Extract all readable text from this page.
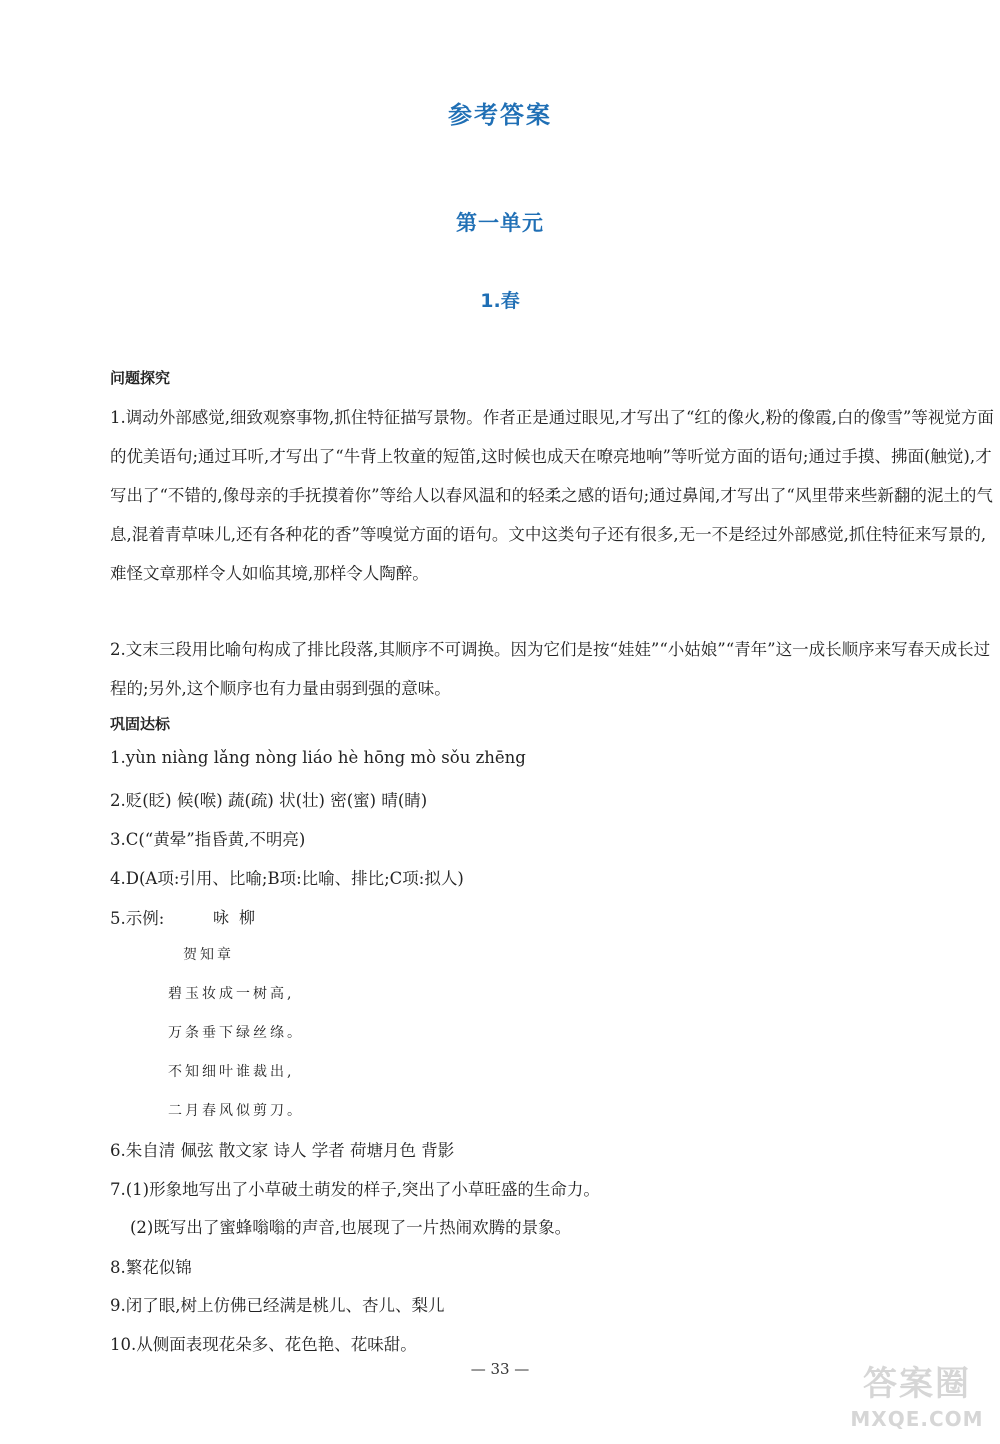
参考答案
第一单元
1.春
问题探究
1.调动外部感觉,细致观察事物,抓住特征描写景物。作者正是通过眼见,才写出了“红的像火,粉的像霞,白的像雪”等视觉方面的优美语句;通过耳听,才写出了“牛背上牧童的短笛,这时候也成天在嘹亮地响”等听觉方面的语句;通过手摸、拂面(触觉),才写出了“不错的,像母亲的手抚摸着你”等给人以春风温和的轻柔之感的语句;通过鼻闻,才写出了“风里带来些新翻的泥土的气息,混着青草味儿,还有各种花的香”等嗅觉方面的语句。文中这类句子还有很多,无一不是经过外部感觉,抓住特征来写景的,难怪文章那样令人如临其境,那样令人陶醉。
2.文末三段用比喻句构成了排比段落,其顺序不可调换。因为它们是按“娃娃”“小姑娘”“青年”这一成长顺序来写春天成长过程的;另外,这个顺序也有力量由弱到强的意味。
巩固达标
1.yùn niàng lǎng nòng liáo hè hōng mò sǒu zhēng
2.贬(眨) 候(喉) 蔬(疏) 状(壮) 密(蜜) 晴(睛)
3.C(“黄晕”指昏黄,不明亮)
4.D(A项:引用、比喻;B项:比喻、排比;C项:拟人)
5.示例:	咏柳
贺知章
碧玉妆成一树高,
万条垂下绿丝绦。
不知细叶谁裁出,
二月春风似剪刀。
6.朱自清 佩弦 散文家 诗人 学者 荷塘月色 背影
7.(1)形象地写出了小草破土萌发的样子,突出了小草旺盛的生命力。
(2)既写出了蜜蜂嗡嗡的声音,也展现了一片热闹欢腾的景象。
8.繁花似锦
9.闭了眼,树上仿佛已经满是桃儿、杏儿、梨儿
10.从侧面表现花朵多、花色艳、花味甜。
— 33 —	答案圈
MXQE.COM
